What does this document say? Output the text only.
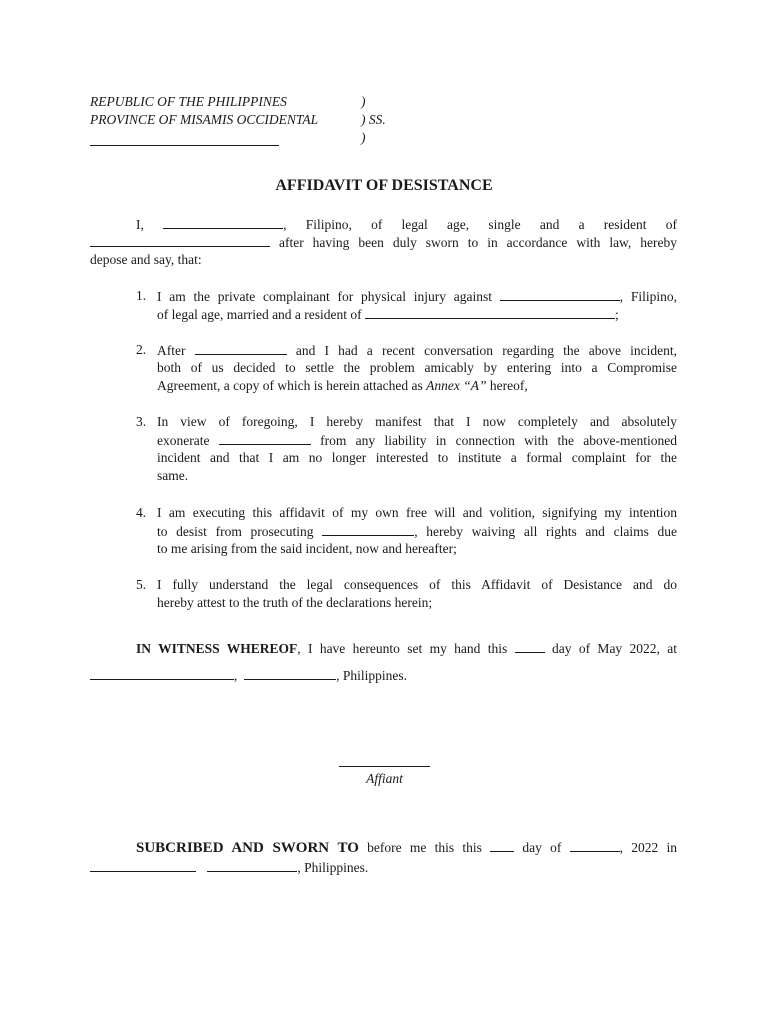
REPUBLIC OF THE PHILIPPINES
PROVINCE OF MISAMIS OCCIDENTAL
)
) SS.
)
AFFIDAVIT OF DESISTANCE
I,	, Filipino, of legal age, single and a resident of
after having been duly sworn to in accordance with law, hereby
depose and say, that:
1. I am the private complainant for physical injury against	, Filipino,
of legal age, married and a resident of	;
2. After	and I had a recent conversation regarding the above incident,
both of us decided to settle the problem amicably by entering into a Compromise
Agreement, a copy of which is herein attached as Annex “A” hereof,
3. In view of foregoing, I hereby manifest that I now completely and absolutely
exonerate	from any liability in connection with the above-mentioned
incident and that I am no longer interested to institute a formal complaint for the
same.
4. I am executing this affidavit of my own free will and volition, signifying my intention
to desist from prosecuting	, hereby waiving all rights and claims due
to me arising from the said incident, now and hereafter;
5. I fully understand the legal consequences of this Affidavit of Desistance and do
hereby attest to the truth of the declarations herein;
IN WITNESS WHEREOF, I have hereunto set my hand this	day of May 2022, at
,	, Philippines.
Affiant
SUBCRIBED AND SWORN TO before me this this	day of	, 2022 in
, Philippines.
